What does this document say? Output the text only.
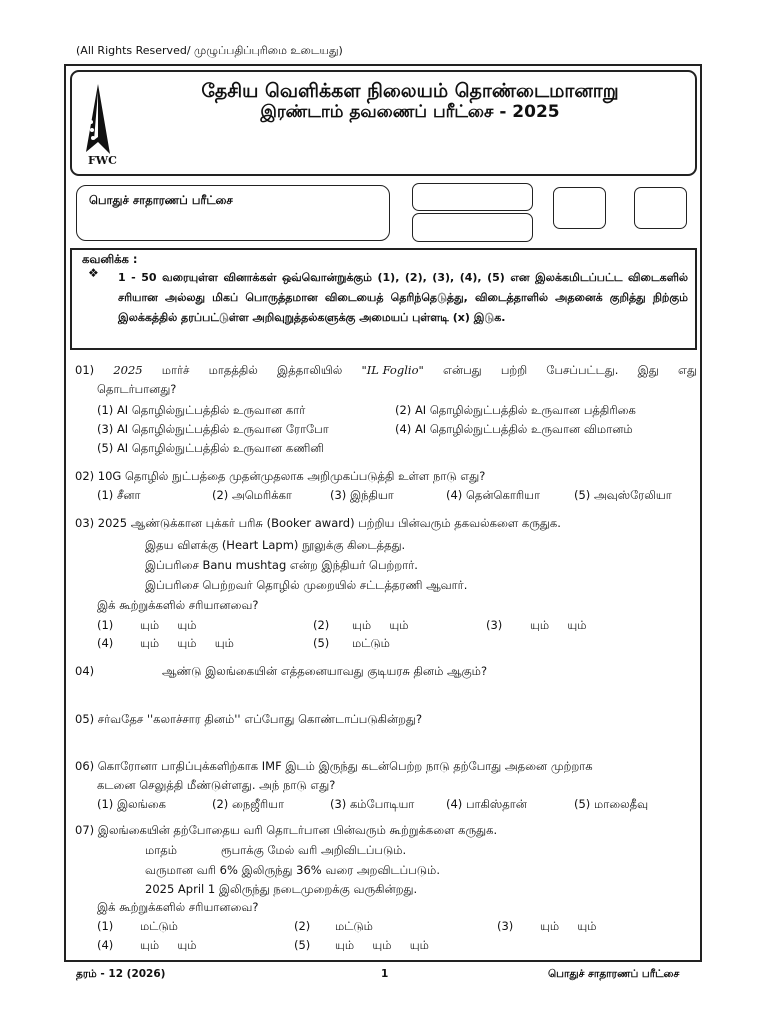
(All Rights Reserved/ முழுப்பதிப்புரிமை உடையது)
FWC
தேசிய வெளிக்கள நிலையம் தொண்டைமானாறு
இரண்டாம் தவணைப் பரீட்சை - 2025
பொதுச் சாதாரணப் பரீட்சை
கவனிக்க :
❖ 1 - 50 வரையுள்ள வினாக்கள் ஒவ்வொன்றுக்கும் (1), (2), (3), (4), (5) என இலக்கமிடப்பட்ட விடைகளில் சரியான அல்லது மிகப் பொருத்தமான விடையைத் தெரிந்தெடுத்து, விடைத்தாளில் அதனைக் குறித்து நிற்கும் இலக்கத்தில் தரப்பட்டுள்ள அறிவுறுத்தல்களுக்கு அமையப் புள்ளடி (x) இடுக.
01) 2025 மார்ச் மாதத்தில் இத்தாலியில் "IL Foglio" என்பது பற்றி பேசப்பட்டது. இது எது
தொடர்பானது?
(1) AI தொழில்நுட்பத்தில் உருவான கார்	(2) AI தொழில்நுட்பத்தில் உருவான பத்திரிகை
(3) AI தொழில்நுட்பத்தில் உருவான ரோபோ	(4) AI தொழில்நுட்பத்தில் உருவான விமானம்
(5) AI தொழில்நுட்பத்தில் உருவான கணினி
02) 10G தொழில் நுட்பத்தை முதன்முதலாக அறிமுகப்படுத்தி உள்ள நாடு எது?
(1) சீனா	(2) அமெரிக்கா	(3) இந்தியா	(4) தென்கொரியா	(5) அவுஸ்ரேலியா
03) 2025 ஆண்டுக்கான புக்கர் பரிசு (Booker award) பற்றிய பின்வரும் தகவல்களை கருதுக.
இதய விளக்கு (Heart Lapm) நூலுக்கு கிடைத்தது.
இப்பரிசை Banu mushtag என்ற இந்தியர் பெற்றார்.
இப்பரிசை பெற்றவர் தொழில் முறையில் சட்டத்தரணி ஆவார்.
இக் கூற்றுக்களில் சரியானவை?
(1) யும்     யும்	(2) யும்     யும்	(3) யும்     யும்
(4) யும்     யும்     யும்	(5) மட்டும்
04)	ஆண்டு இலங்கையின் எத்தனையாவது குடியரசு தினம் ஆகும்?
05) சர்வதேச ''கலாச்சார தினம்'' எப்போது கொண்டாப்படுகின்றது?
06) கொரோனா பாதிப்புக்களிற்காக IMF இடம் இருந்து கடன்பெற்ற நாடு தற்போது அதனை முற்றாக
கடனை செலுத்தி மீண்டுள்ளது. அந் நாடு எது?
(1) இலங்கை	(2) நைஜீரியா	(3) கம்போடியா	(4) பாகிஸ்தான்	(5) மாலைதீவு
07) இலங்கையின் தற்போதைய வரி தொடர்பான பின்வரும் கூற்றுக்களை கருதுக.
மாதம்            ரூபாக்கு மேல் வரி அறிவிடப்படும்.
வருமான வரி 6% இலிருந்து 36% வரை அறவிடப்படும்.
2025 April 1 இலிருந்து நடைமுறைக்கு வருகின்றது.
இக் கூற்றுக்களில் சரியானவை?
(1) மட்டும்	(2) மட்டும்	(3) யும்     யும்
(4) யும்     யும்	(5) யும்     யும்     யும்
தரம் - 12 (2026)	1	பொதுச் சாதாரணப் பரீட்சை
